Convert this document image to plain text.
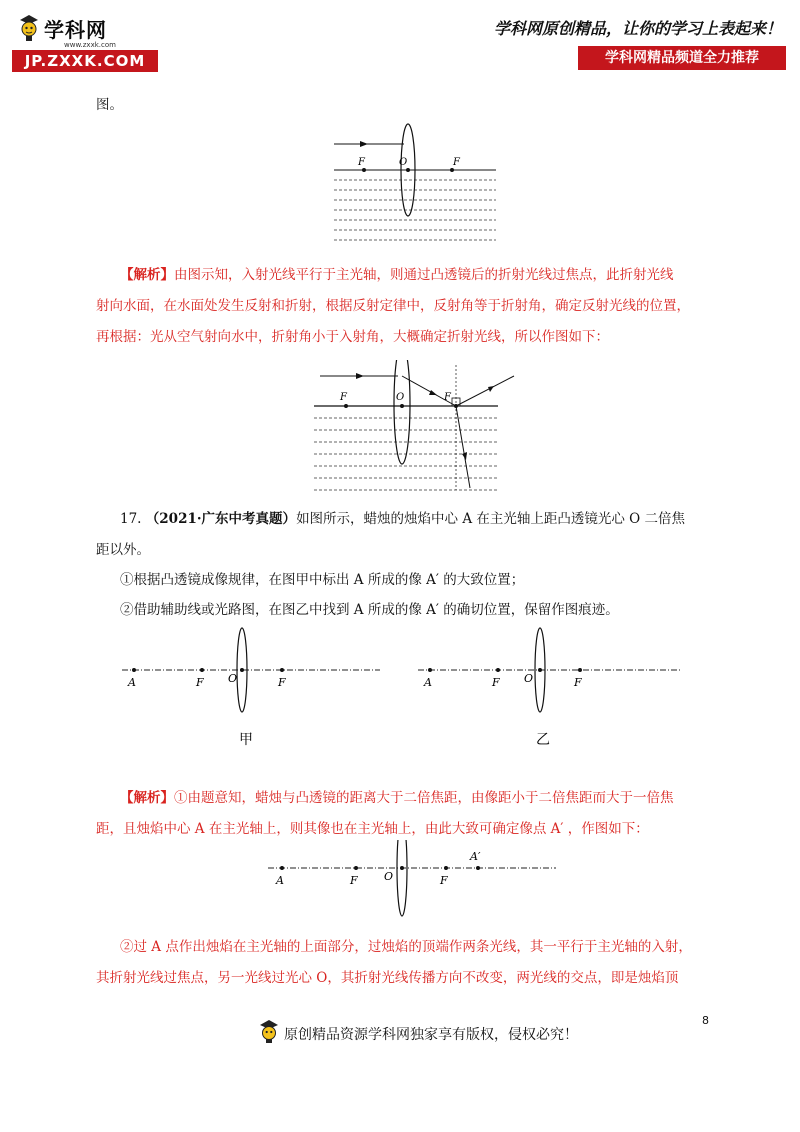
学科网
www.zxxk.com
JP.ZXXK.COM
学科网原创精品，让你的学习上表起来！
学科网精品频道全力推荐
图。
F	O	F
【解析】由图示知，入射光线平行于主光轴，则通过凸透镜后的折射光线过焦点，此折射光线
射向水面，在水面处发生反射和折射，根据反射定律中，反射角等于折射角，确定反射光线的位置，
再根据：光从空气射向水中，折射角小于入射角，大概确定折射光线，所以作图如下：
F	O	F
17. （2021·广东中考真题）如图所示，蜡烛的烛焰中心 A 在主光轴上距凸透镜光心 O 二倍焦
距以外。
①根据凸透镜成像规律，在图甲中标出 A 所成的像 A′ 的大致位置；
②借助辅助线或光路图，在图乙中找到 A 所成的像 A′ 的确切位置，保留作图痕迹。
A	F O	F
甲
A	F O	F
乙
【解析】①由题意知，蜡烛与凸透镜的距离大于二倍焦距，由像距小于二倍焦距而大于一倍焦
距，且烛焰中心 A 在主光轴上，则其像也在主光轴上，由此大致可确定像点 A′ ，作图如下：
A	F O	F
A′
②过 A 点作出烛焰在主光轴的上面部分，过烛焰的顶端作两条光线，其一平行于主光轴的入射，
其折射光线过焦点，另一光线过光心 O，其折射光线传播方向不改变，两光线的交点，即是烛焰顶
原创精品资源学科网独家享有版权，侵权必究！
8
